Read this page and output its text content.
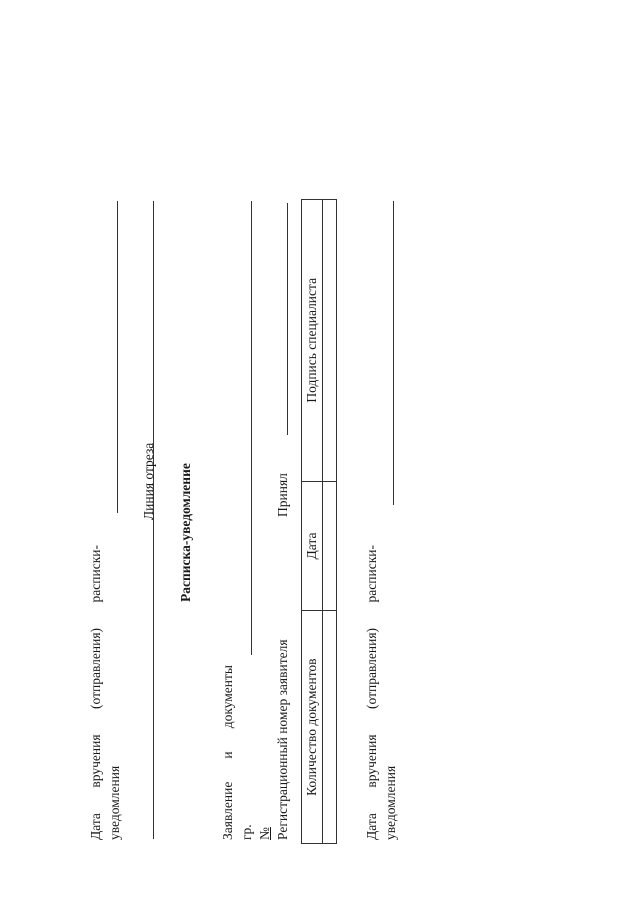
Дата
вручения
(отправления)
расписки-
уведомления
Линия отреза Расписка-уведомление
Заявление
и
документы
гр. № Регистрационный номер заявителя
Принял
Количество документов	Дата	Подпись специалиста

Дата
вручения
(отправления)
расписки-
уведомления
